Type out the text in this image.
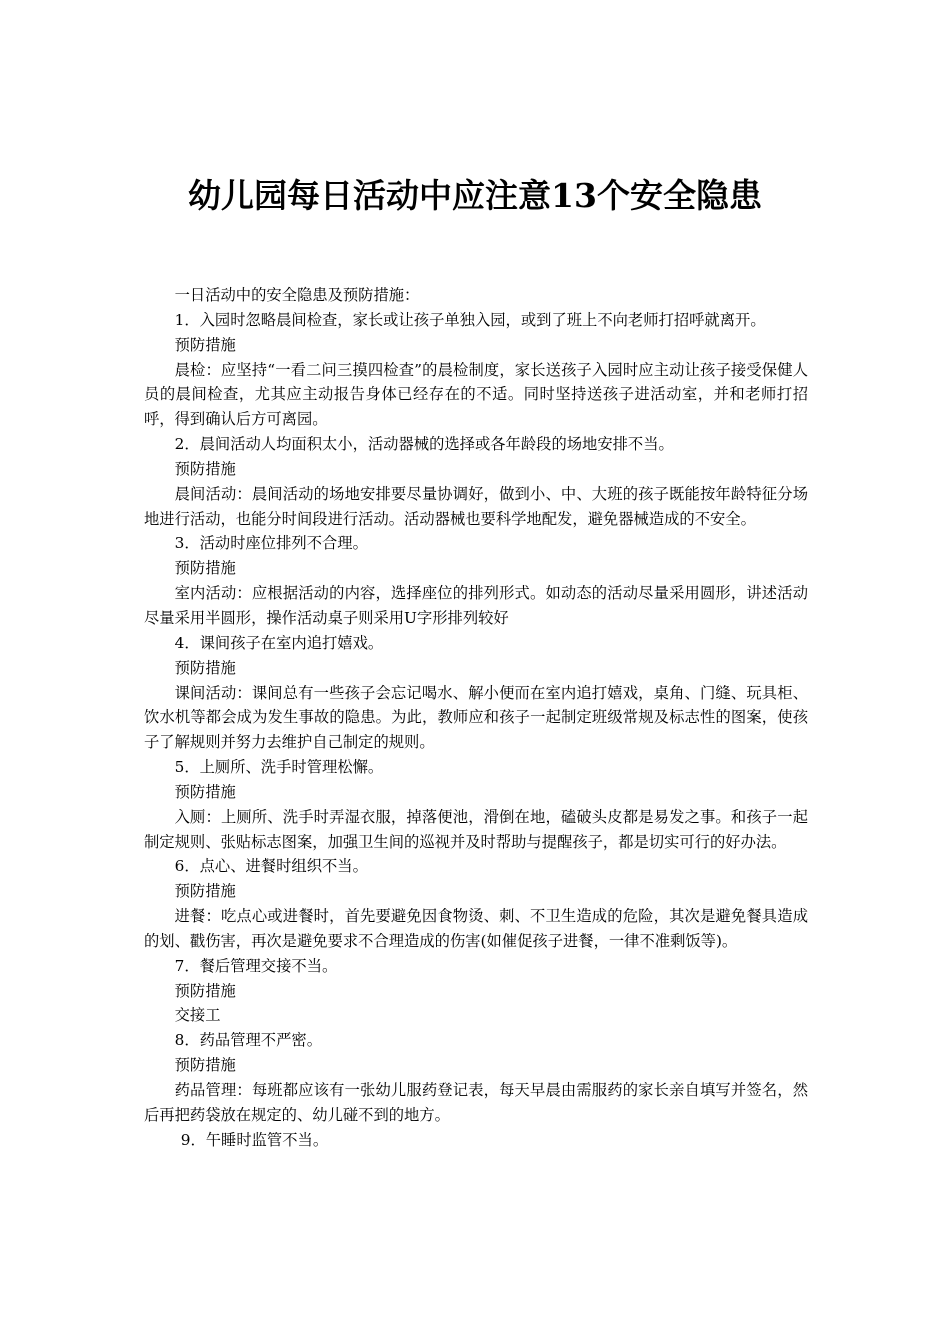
幼儿园每日活动中应注意13个安全隐患

一日活动中的安全隐患及预防措施：

1．入园时忽略晨间检查，家长或让孩子单独入园，或到了班上不向老师打招呼就离开。

预防措施

晨检：应坚持“一看二问三摸四检查”的晨检制度，家长送孩子入园时应主动让孩子接受保健人员的晨间检查，尤其应主动报告身体已经存在的不适。同时坚持送孩子进活动室，并和老师打招呼，得到确认后方可离园。

2．晨间活动人均面积太小，活动器械的选择或各年龄段的场地安排不当。

预防措施

晨间活动：晨间活动的场地安排要尽量协调好，做到小、中、大班的孩子既能按年龄特征分场地进行活动，也能分时间段进行活动。活动器械也要科学地配发，避免器械造成的不安全。

3．活动时座位排列不合理。

预防措施

室内活动：应根据活动的内容，选择座位的排列形式。如动态的活动尽量采用圆形，讲述活动尽量采用半圆形，操作活动桌子则采用U字形排列较好

4．课间孩子在室内追打嬉戏。

预防措施

课间活动：课间总有一些孩子会忘记喝水、解小便而在室内追打嬉戏，桌角、门缝、玩具柜、饮水机等都会成为发生事故的隐患。为此，教师应和孩子一起制定班级常规及标志性的图案，使孩子了解规则并努力去维护自己制定的规则。

5．上厕所、洗手时管理松懈。

预防措施

入厕：上厕所、洗手时弄湿衣服，掉落便池，滑倒在地，磕破头皮都是易发之事。和孩子一起制定规则、张贴标志图案，加强卫生间的巡视并及时帮助与提醒孩子，都是切实可行的好办法。

6．点心、进餐时组织不当。

预防措施

进餐：吃点心或进餐时，首先要避免因食物烫、刺、不卫生造成的危险，其次是避免餐具造成的划、戳伤害，再次是避免要求不合理造成的伤害(如催促孩子进餐，一律不准剩饭等)。

7．餐后管理交接不当。

预防措施

交接工

8．药品管理不严密。

预防措施

药品管理：每班都应该有一张幼儿服药登记表，每天早晨由需服药的家长亲自填写并签名，然后再把药袋放在规定的、幼儿碰不到的地方。

9．午睡时监管不当。
